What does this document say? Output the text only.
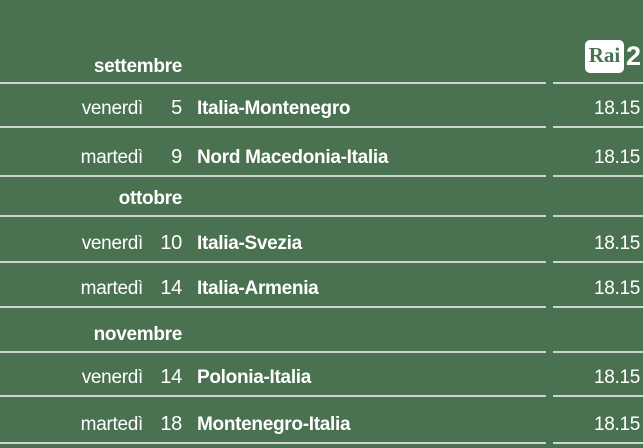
settembre	Rai 2
venerdì	5 Italia-Montenegro	18.15
martedì	9 Nord Macedonia-Italia	18.15
ottobre
venerdì 10 Italia-Svezia	18.15
martedì 14 Italia-Armenia	18.15
novembre
venerdì 14 Polonia-Italia	18.15
martedì 18 Montenegro-Italia	18.15
